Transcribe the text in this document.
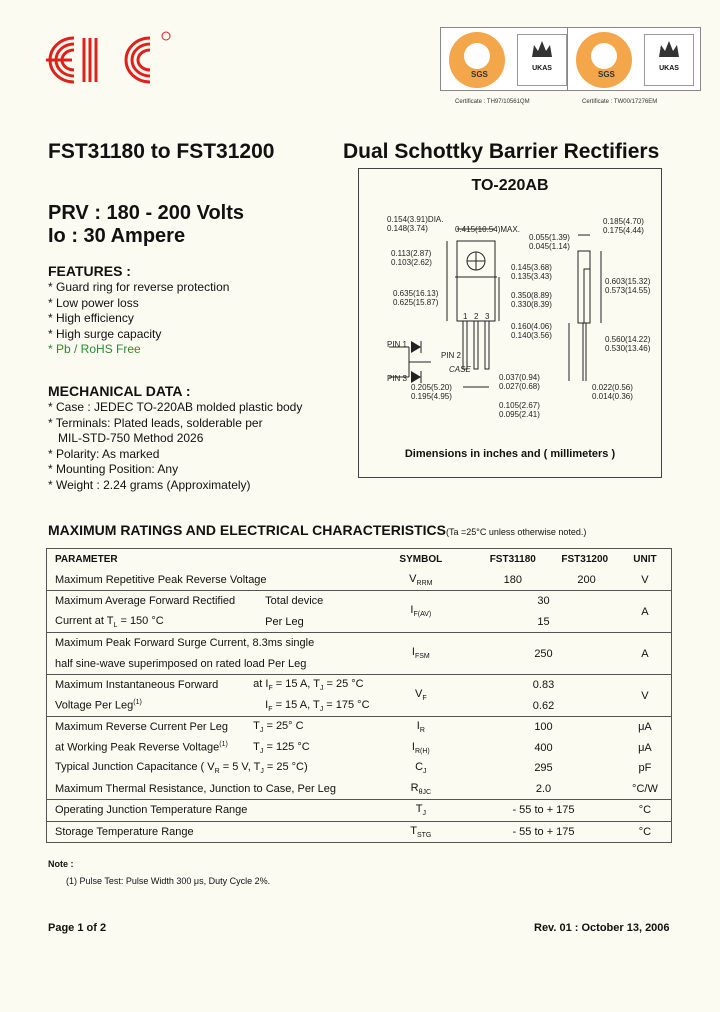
SGS
UKAS
SGS
UKAS
Certificate : TH97/10561QM	Certificate : TW00/17276EM
FST31180 to FST31200	Dual Schottky Barrier Rectifiers
PRV : 180 - 200 Volts
Io : 30 Ampere
FEATURES :
* Guard ring for reverse protection
* Low power loss
* High efficiency
* High surge capacity
* Pb / RoHS Free
MECHANICAL DATA :
* Case : JEDEC TO-220AB molded plastic body
* Terminals: Plated leads, solderable per
MIL-STD-750 Method 2026
* Polarity: As marked
* Mounting Position: Any
* Weight : 2.24 grams (Approximately)
TO-220AB
0.154(3.91)DIA.
0.148(3.74)	0.415(10.54)MAX.
0.055(1.39)
0.045(1.14)
0.185(4.70)
0.175(4.44)
0.113(2.87)
0.103(2.62)
0.145(3.68)
0.135(3.43)
0.603(15.32)
0.573(14.55)
0.635(16.13)
0.625(15.87)
0.350(8.89)
0.330(8.39)
0.160(4.06)
0.140(3.56)	0.560(14.22)
0.530(13.46)
0.037(0.94)
0.027(0.68)
0.205(5.20)
0.195(4.95)
0.022(0.56)
0.014(0.36)
0.105(2.67)
0.095(2.41)
PIN 1
PIN 2
CASE
PIN 3
1 2 3
Dimensions in inches and ( millimeters )
MAXIMUM RATINGS AND ELECTRICAL CHARACTERISTICS(Ta =25°C unless otherwise noted.)
PARAMETER		SYMBOL	FST31180	FST31200	UNIT
Maximum Repetitive Peak Reverse Voltage		$V_{RRM}$	180	200	V
Maximum Average Forward Rectified	Total device	$I_{F(AV)}$	30		A
Current at $T_L = 150$ °C	Per Leg		15		
Maximum Peak Forward Surge Current, 8.3ms single		$I_{FSM}$	250		A
half sine-wave superimposed on rated load Per Leg					
Maximum Instantaneous Forward	at $I_F = 15$ A, $T_J = 25$ °C	$V_F$	0.83		V
Voltage Per Leg$^{(1)}$	$I_F = 15$ A, $T_J = 175$ °C		0.62		
Maximum Reverse Current Per Leg	$T_J = 25^\circ$ C	$I_R$	100		μA
at Working Peak Reverse Voltage$^{(1)}$	$T_J = 125$ °C	$I_{R(H)}$	400		μA
Typical Junction Capacitance ( $V_R = 5$ V, $T_J = 25$ °C)		$C_J$	295		pF
Maximum Thermal Resistance, Junction to Case, Per Leg		$R_{\theta JC}$	2.0		°C/W
Operating Junction Temperature Range		$T_J$	- 55 to + 175		°C
Storage Temperature Range		$T_{STG}$	- 55 to + 175		°C
Note :
(1) Pulse Test: Pulse Width 300 μs, Duty Cycle 2%.
Page 1 of 2	Rev. 01 : October 13, 2006
